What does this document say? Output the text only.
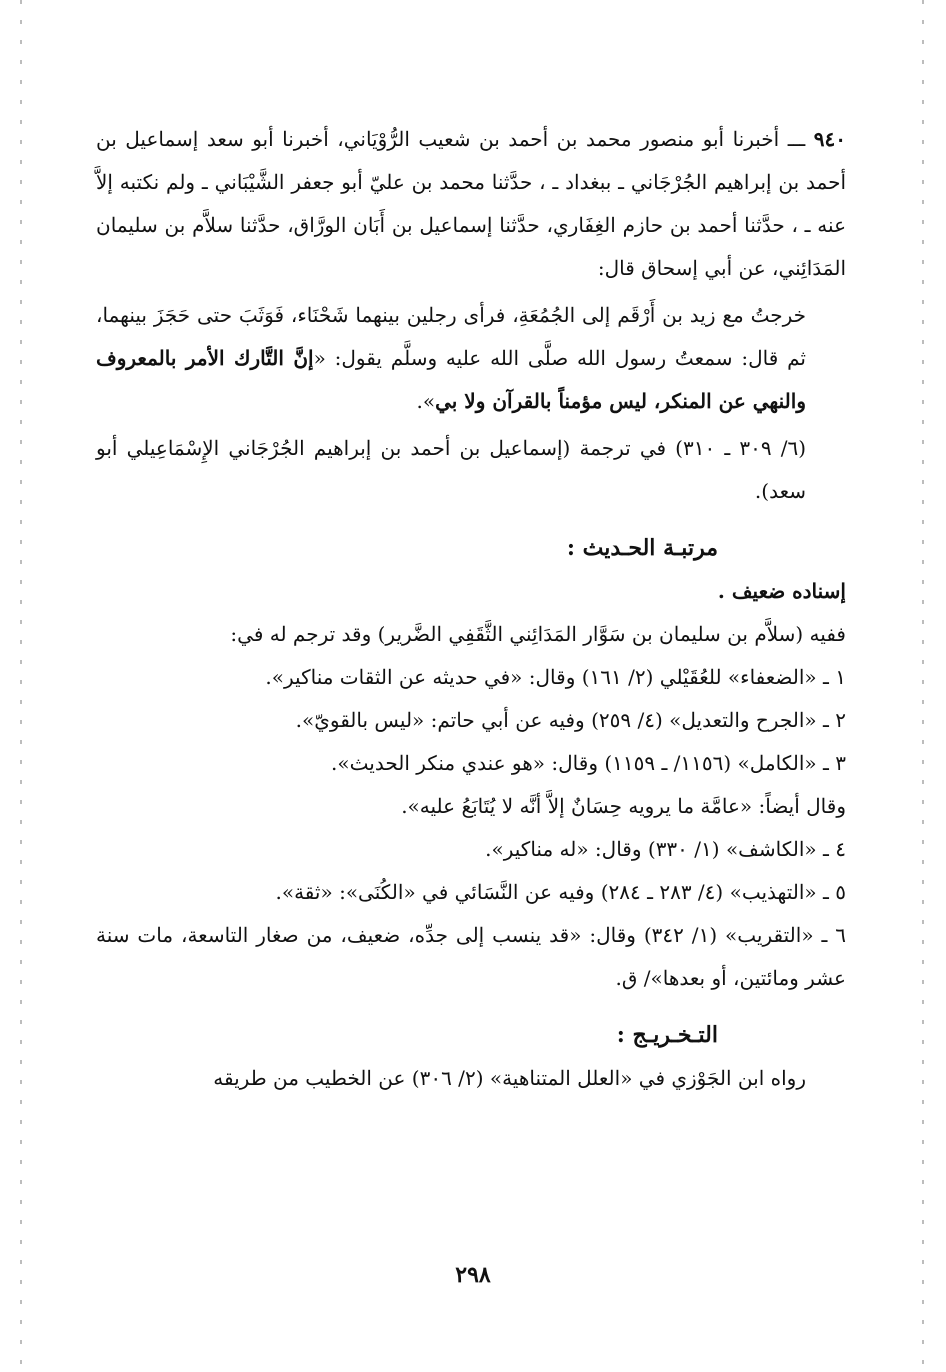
٩٤٠ ـــ أخبرنا أبو منصور محمد بن أحمد بن شعيب الرُّوْيَاني، أخبرنا أبو سعد إسماعيل بن أحمد بن إبراهيم الجُرْجَاني ـ ببغداد ـ ، حدَّثنا محمد بن عليّ أبو جعفر الشَّيْبَاني ـ ولم نكتبه إلاَّ عنه ـ ، حدَّثنا أحمد بن حازم الغِفَاري، حدَّثنا إسماعيل بن أَبَان الورَّاق، حدَّثنا سلاَّم بن سليمان المَدَائِني، عن أبي إسحاق قال:

خرجتُ مع زيد بن أَرْقَم إلى الجُمُعَةِ، فرأى رجلين بينهما شَحْنَاء، فَوَثَبَ حتى حَجَزَ بينهما، ثم قال: سمعتُ رسول الله صلَّى الله عليه وسلَّم يقول: «إنَّ التَّارك الأمر بالمعروف والنهي عن المنكر، ليس مؤمناً بالقرآن ولا بي».

(٦/ ٣٠٩ ـ ٣١٠) في ترجمة (إسماعيل بن أحمد بن إبراهيم الجُرْجَاني الإِسْمَاعِيلي أبو سعد).

مرتبـة الحـديث :

إسناده ضعيف .

ففيه (سلاَّم بن سليمان بن سَوَّار المَدَائِني الثَّقَفِي الضَّرير) وقد ترجم له في:

١ ـ «الضعفاء» للعُقَيْلي (٢/ ١٦١) وقال: «في حديثه عن الثقات مناكير».

٢ ـ «الجرح والتعديل» (٤/ ٢٥٩) وفيه عن أبي حاتم: «ليس بالقويّ».

٣ ـ «الكامل» (١١٥٦/ ـ ١١٥٩) وقال: «هو عندي منكر الحديث».

وقال أيضاً: «عامَّة ما يرويه حِسَانٌ إلاَّ أنَّه لا يُتَابَعُ عليه».

٤ ـ «الكاشف» (١/ ٣٣٠) وقال: «له مناكير».

٥ ـ «التهذيب» (٤/ ٢٨٣ ـ ٢٨٤) وفيه عن النَّسَائي في «الكُنَى»: «ثقة».

٦ ـ «التقريب» (١/ ٣٤٢) وقال: «قد ينسب إلى جدِّه، ضعيف، من صغار التاسعة، مات سنة عشر ومائتين، أو بعدها»/ ق.

التـخـريـج :

رواه ابن الجَوْزي في «العلل المتناهية» (٢/ ٣٠٦) عن الخطيب من طريقه

٢٩٨
